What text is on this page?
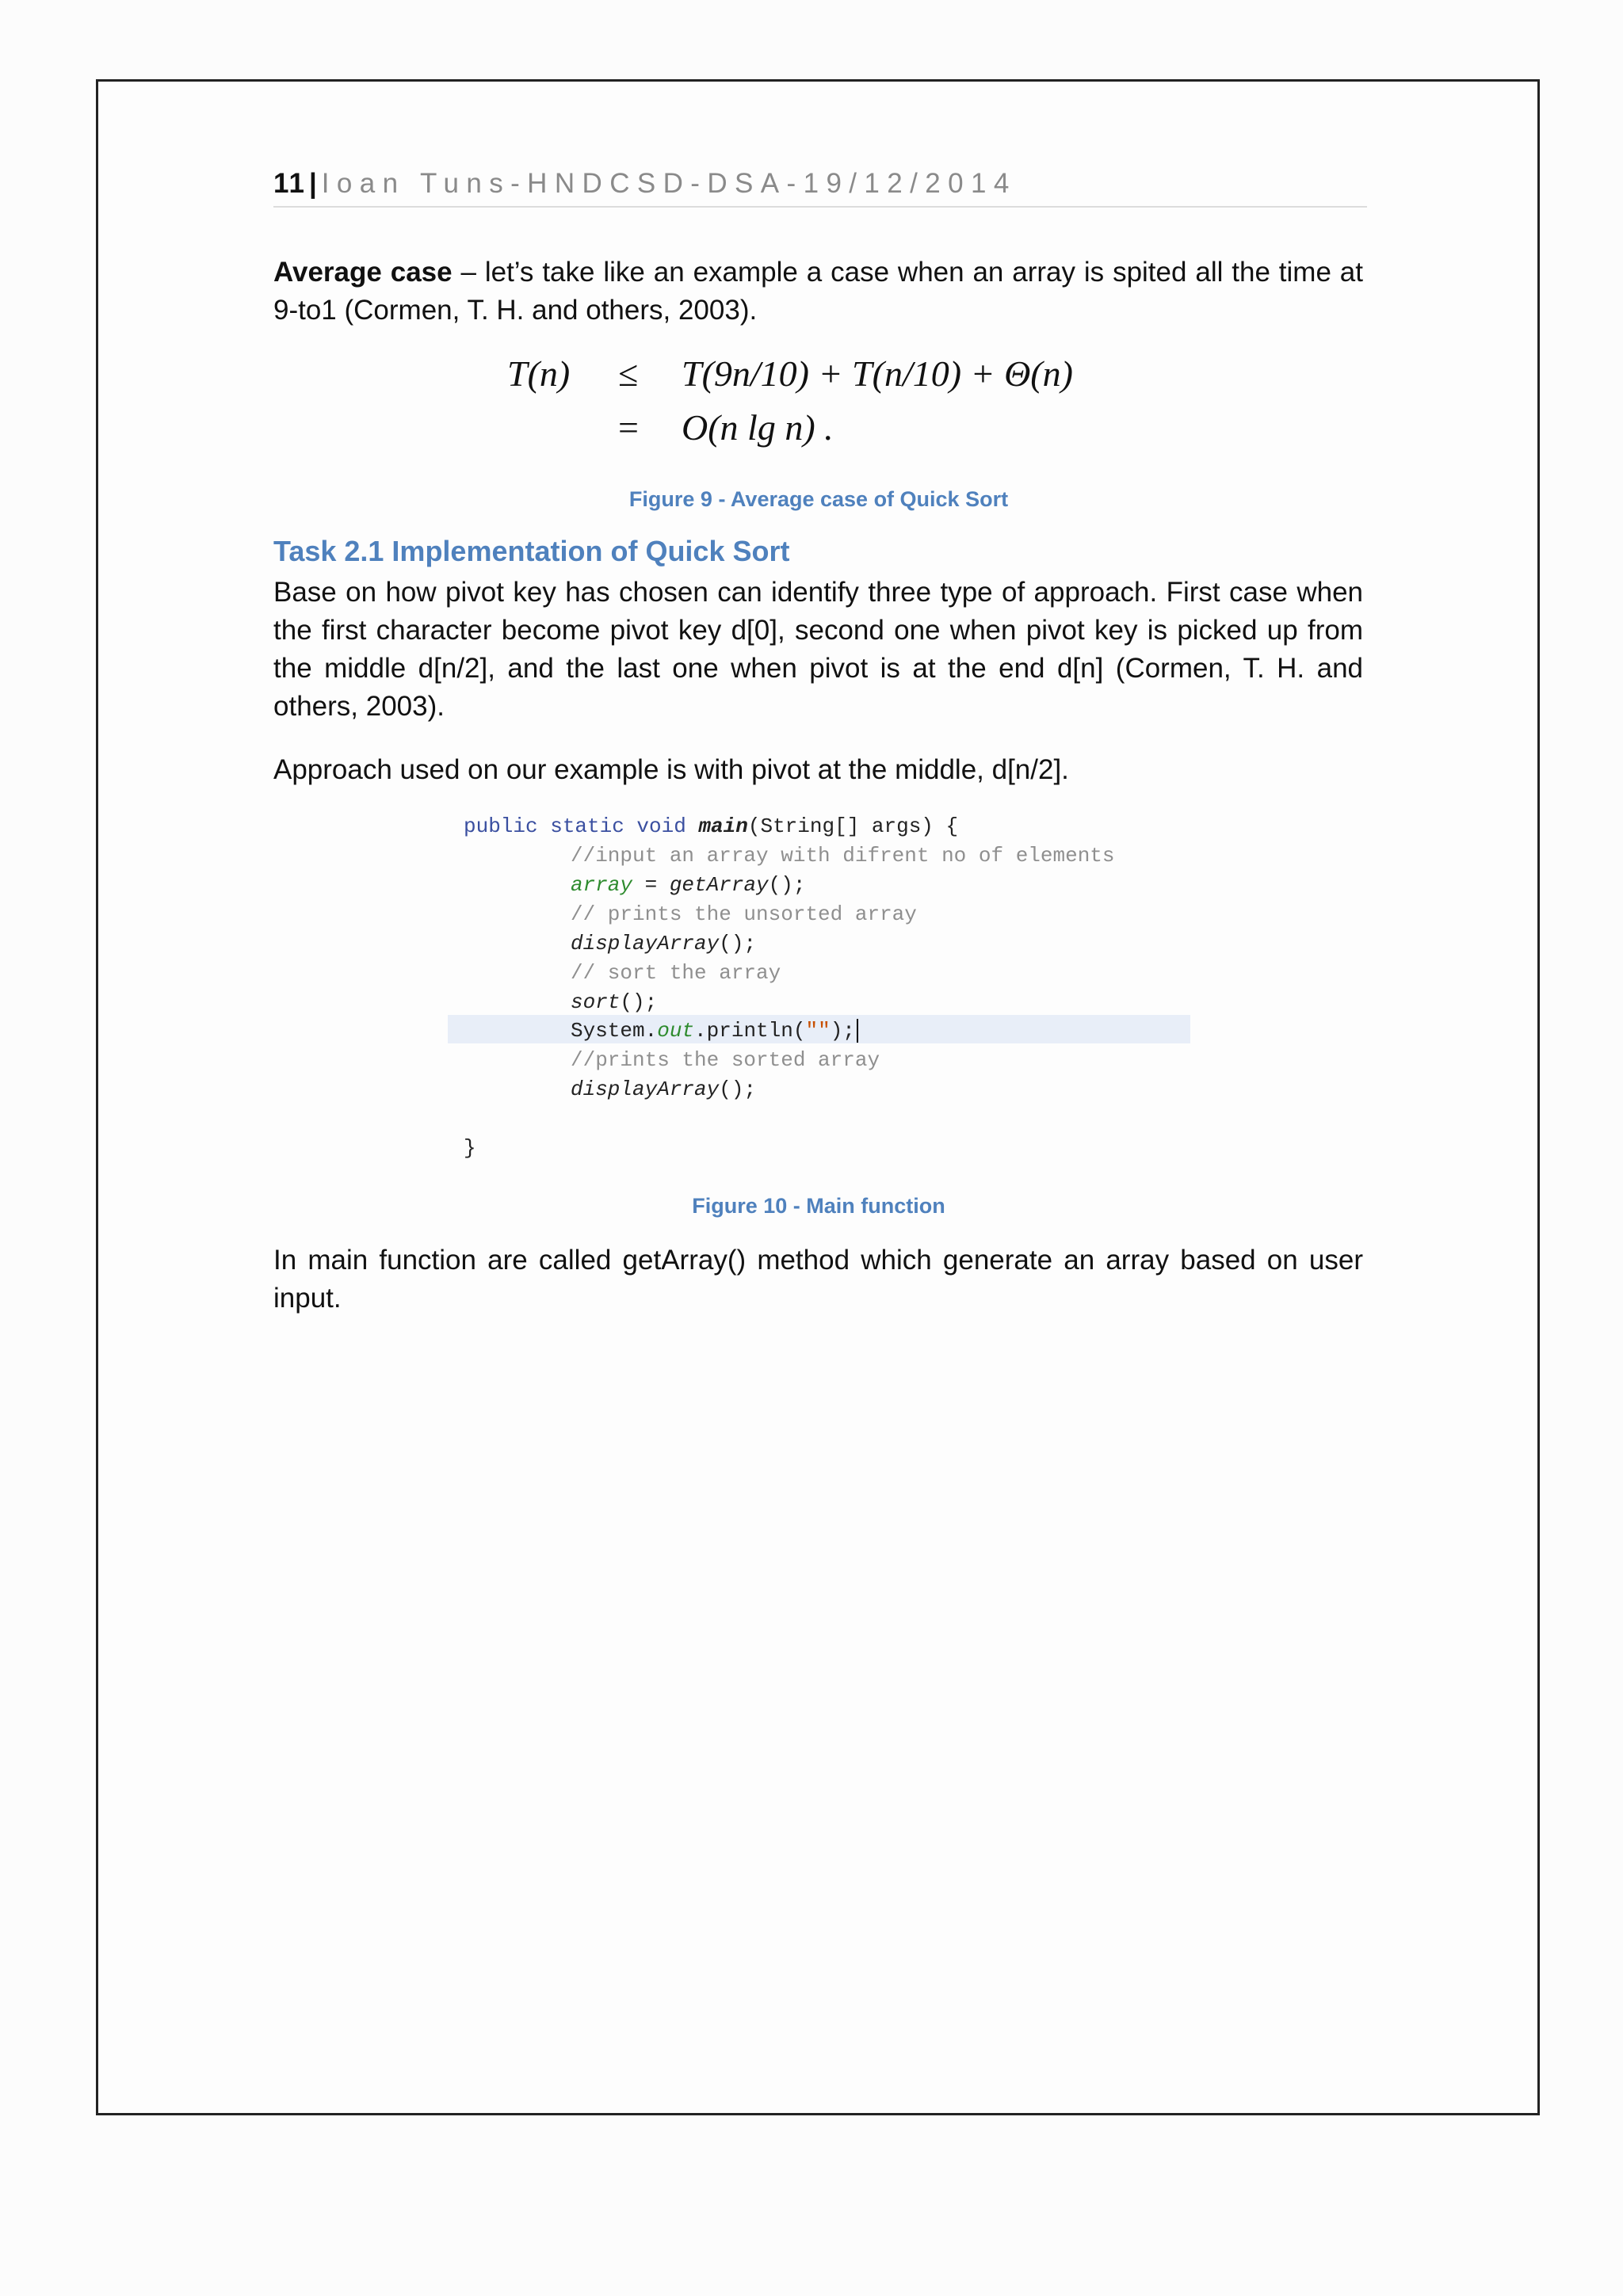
11 | Ioan Tuns-HNDCSD-DSA-19/12/2014

Average case – let’s take like an example a case when an array is spited all the time at 9-to1 (Cormen, T. H. and others, 2003).

T(n) ≤ T(9n/10) + T(n/10) + Θ(n)
= O(n lg n) .
Figure 9 - Average case of Quick Sort
Task 2.1 Implementation of Quick Sort

Base on how pivot key has chosen can identify three type of approach. First case when the first character become pivot key d[0], second one when pivot key is picked up from the middle d[n/2], and the last one when pivot is at the end d[n] (Cormen, T. H. and others, 2003).

Approach used on our example is with pivot at the middle, d[n/2].

public static void main(String[] args) {
//input an array with difrent no of elements
array = getArray();
// prints the unsorted array
displayArray();
// sort the array
sort();
System.out.println("");
//prints the sorted array
displayArray();
}
Figure 10 - Main function

In main function are called getArray() method which generate an array based on user input.
